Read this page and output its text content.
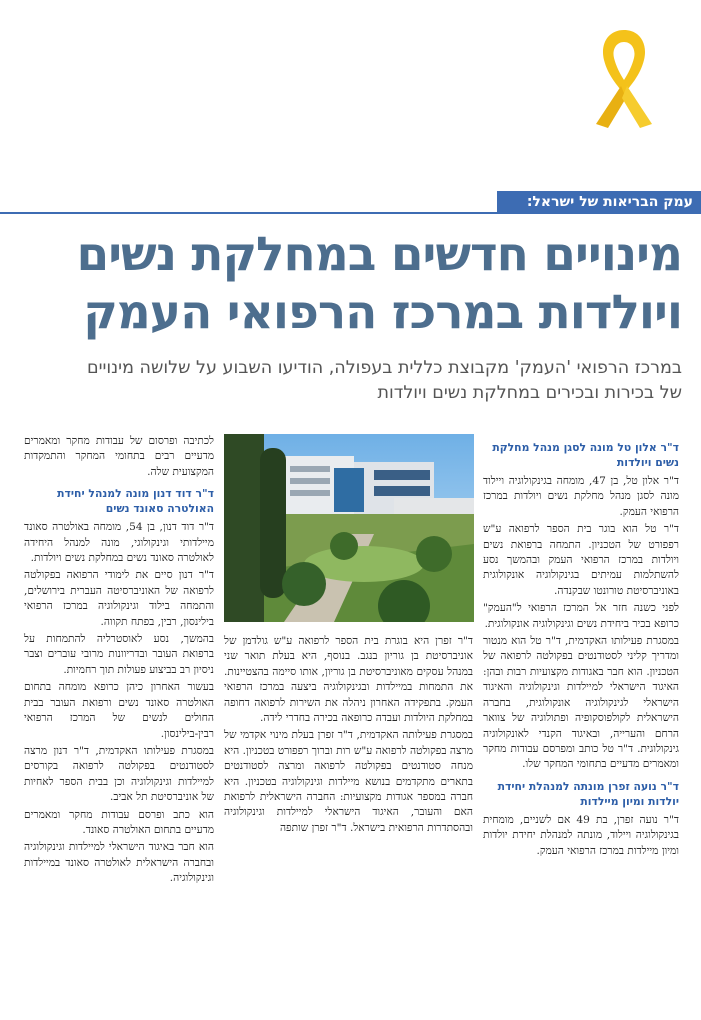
עמק הבריאות של ישראל:
מינויים חדשים במחלקת נשים
ויולדות במרכז הרפואי העמק
במרכז הרפואי 'העמק' מקבוצת כללית בעפולה, הודיעו השבוע על שלושה מינויים
של בכירות ובכירים במחלקת נשים ויולדות
ד"ר אלון טל מונה לסגן מנהל מחלקת נשים ויולדות

ד"ר אלון טל, בן 47, מומחה בגינקולוגיה ויילוד מונה לסגן מנהל מחלקת נשים ויולדות במרכז הרפואי העמק.

ד"ר טל הוא בוגר בית הספר לרפואה ע"ש רפפורט של הטכניון. התמחה ברפואת נשים ויולדות במרכז הרפואי העמק ובהמשך נסע להשתלמות עמיתים בגינקולוגיה אונקולוגית באוניברסיטת טורונטו שבקנדה.

לפני כשנה חזר אל המרכז הרפואי ל"העמק" כרופא בכיר ביחידת נשים וגינקולוגיה אונקולוגית.

במסגרת פעילותו האקדמית, ד"ר טל הוא מנטור ומדריך קליני לסטודנטים בפקולטה לרפואה של הטכניון. הוא חבר באגודות מקצועיות רבות ובהן: האיגוד הישראלי למיילדות וגינקולוגיה והאיגוד הישראלי לגינקולוגיה אונקולוגית, בחברה הישראלית לקולפוסקופיה ופתולוגיה של צוואר הרחם והערייה, ובאיגוד הקנדי לאונקולוגיה גינקולוגית. ד"ר טל כותב ומפרסם עבודות מחקר ומאמרים מדעיים בתחומי המחקר שלו.

ד"ר נועה זפרן מונתה למנהלת יחידת יולדות ומיון מיילדות

ד"ר נועה זפרן, בת 49 אם לשניים, מומחית בגינקולוגיה ויילוד, מונתה למנהלת יחידת יולדות ומיון מיילדות במרכז הרפואי העמק.

ד"ר זפרן היא בוגרת בית הספר לרפואה ע"ש גולדמן של אוניברסיטת בן גוריון בנגב. בנוסף, היא בעלת תואר שני במנהל עסקים מאוניברסיטת בן גוריון, אותו סיימה בהצטיינות. את התמחות במיילדות ובגינקולוגיה ביצעה במרכז הרפואי העמק. בתפקידה האחרון ניהלה את השירות לרפואה דחופה במחלקת היולדות ועבדה כרופאה בכירה בחדרי לידה.

במסגרת פעילותה האקדמית, ד"ר זפרן בעלת מינוי אקדמי של מרצה בפקולטה לרפואה ע"ש רות וברוך רפפורט בטכניון. היא מנחה סטודנטים בפקולטה לרפואה ומרצה לסטודנטים בתארים מתקדמים בנושא מיילדות וגינקולוגיה בטכניון. היא חברה במספר אגודות מקצועיות: החברה הישראלית לרפואת האם והעובר, האיגוד הישראלי למיילדות וגינקולוגיה ובהסתדרות הרפואית בישראל. ד"ר זפרן שותפה

לכתיבה ופרסום של עבודות מחקר ומאמרים מדעיים רבים בתחומי המחקר והתמקדות המקצועית שלה.

ד"ר דוד דנון מונה למנהל יחידת האולטרה סאונד נשים

ד"ר דוד דנון, בן 54, מומחה באולטרה סאונד מיילדותי וגינקולוגי, מונה למנהל היחידה לאולטרה סאונד נשים במחלקת נשים ויולדות.

ד"ר דנון סיים את לימודי הרפואה בפקולטה לרפואה של האוניברסיטה העברית בירושלים, והתמחה בילוד וגינקולוגיה במרכז הרפואי בילינסון, רבין, בפתח תקווה.

בהמשך, נסע לאוסטרליה להתמחות על ברפואת העובר ובדריוונות מרובי עוברים וצבר ניסיון רב בביצוע פעולות תוך רחמיות.

בעשור האחרון כיהן כרופא מומחה בתחום האולטרה סאונד נשים ורפואת העובר בבית החולים לנשים של המרכז הרפואי רבין-בילינסון.

במסגרת פעילותו האקדמית, ד"ר דנון מרצה לסטודנטים בפקולטה לרפואה בקורסים למיילדות וגינקולוגיה וכן בבית הספר לאחיות של אוניברסיטת תל אביב.

הוא כתב ופרסם עבודות מחקר ומאמרים מדעיים בתחום האולטרה סאונד.

הוא חבר באיגוד הישראלי למיילדות וגינקולוגיה ובחברה הישראלית לאולטרה סאונד במיילדות וגינקולוגיה.
